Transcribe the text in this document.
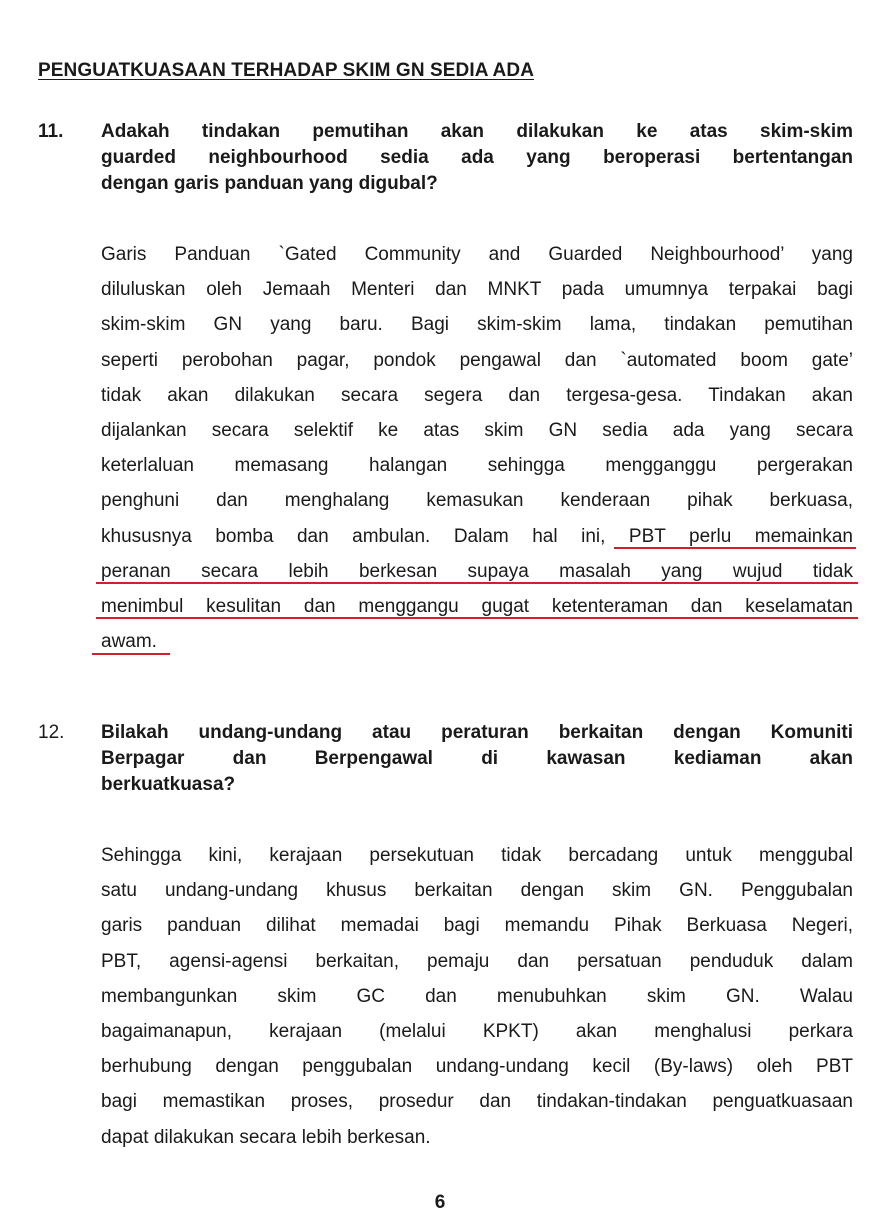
PENGUATKUASAAN TERHADAP SKIM GN SEDIA ADA
11. Adakah tindakan pemutihan akan dilakukan ke atas skim-skim
guarded neighbourhood sedia ada yang beroperasi bertentangan
dengan garis panduan yang digubal?
Garis Panduan `Gated Community and Guarded Neighbourhood’ yang
diluluskan oleh Jemaah Menteri dan MNKT pada umumnya terpakai bagi
skim-skim GN yang baru. Bagi skim-skim lama, tindakan pemutihan
seperti perobohan pagar, pondok pengawal dan `automated boom gate’
tidak akan dilakukan secara segera dan tergesa-gesa. Tindakan akan
dijalankan secara selektif ke atas skim GN sedia ada yang secara
keterlaluan memasang halangan sehingga mengganggu pergerakan
penghuni dan menghalang kemasukan kenderaan pihak berkuasa,
khususnya bomba dan ambulan. Dalam hal ini, PBT perlu memainkan
peranan secara lebih berkesan supaya masalah yang wujud tidak
menimbul kesulitan dan menggangu gugat ketenteraman dan keselamatan
awam.
12. Bilakah undang-undang atau peraturan berkaitan dengan Komuniti
Berpagar dan Berpengawal di kawasan kediaman akan
berkuatkuasa?
Sehingga kini, kerajaan persekutuan tidak bercadang untuk menggubal
satu undang-undang khusus berkaitan dengan skim GN. Penggubalan
garis panduan dilihat memadai bagi memandu Pihak Berkuasa Negeri,
PBT, agensi-agensi berkaitan, pemaju dan persatuan penduduk dalam
membangunkan skim GC dan menubuhkan skim GN. Walau
bagaimanapun, kerajaan (melalui KPKT) akan menghalusi perkara
berhubung dengan penggubalan undang-undang kecil (By-laws) oleh PBT
bagi memastikan proses, prosedur dan tindakan-tindakan penguatkuasaan
dapat dilakukan secara lebih berkesan.
6
